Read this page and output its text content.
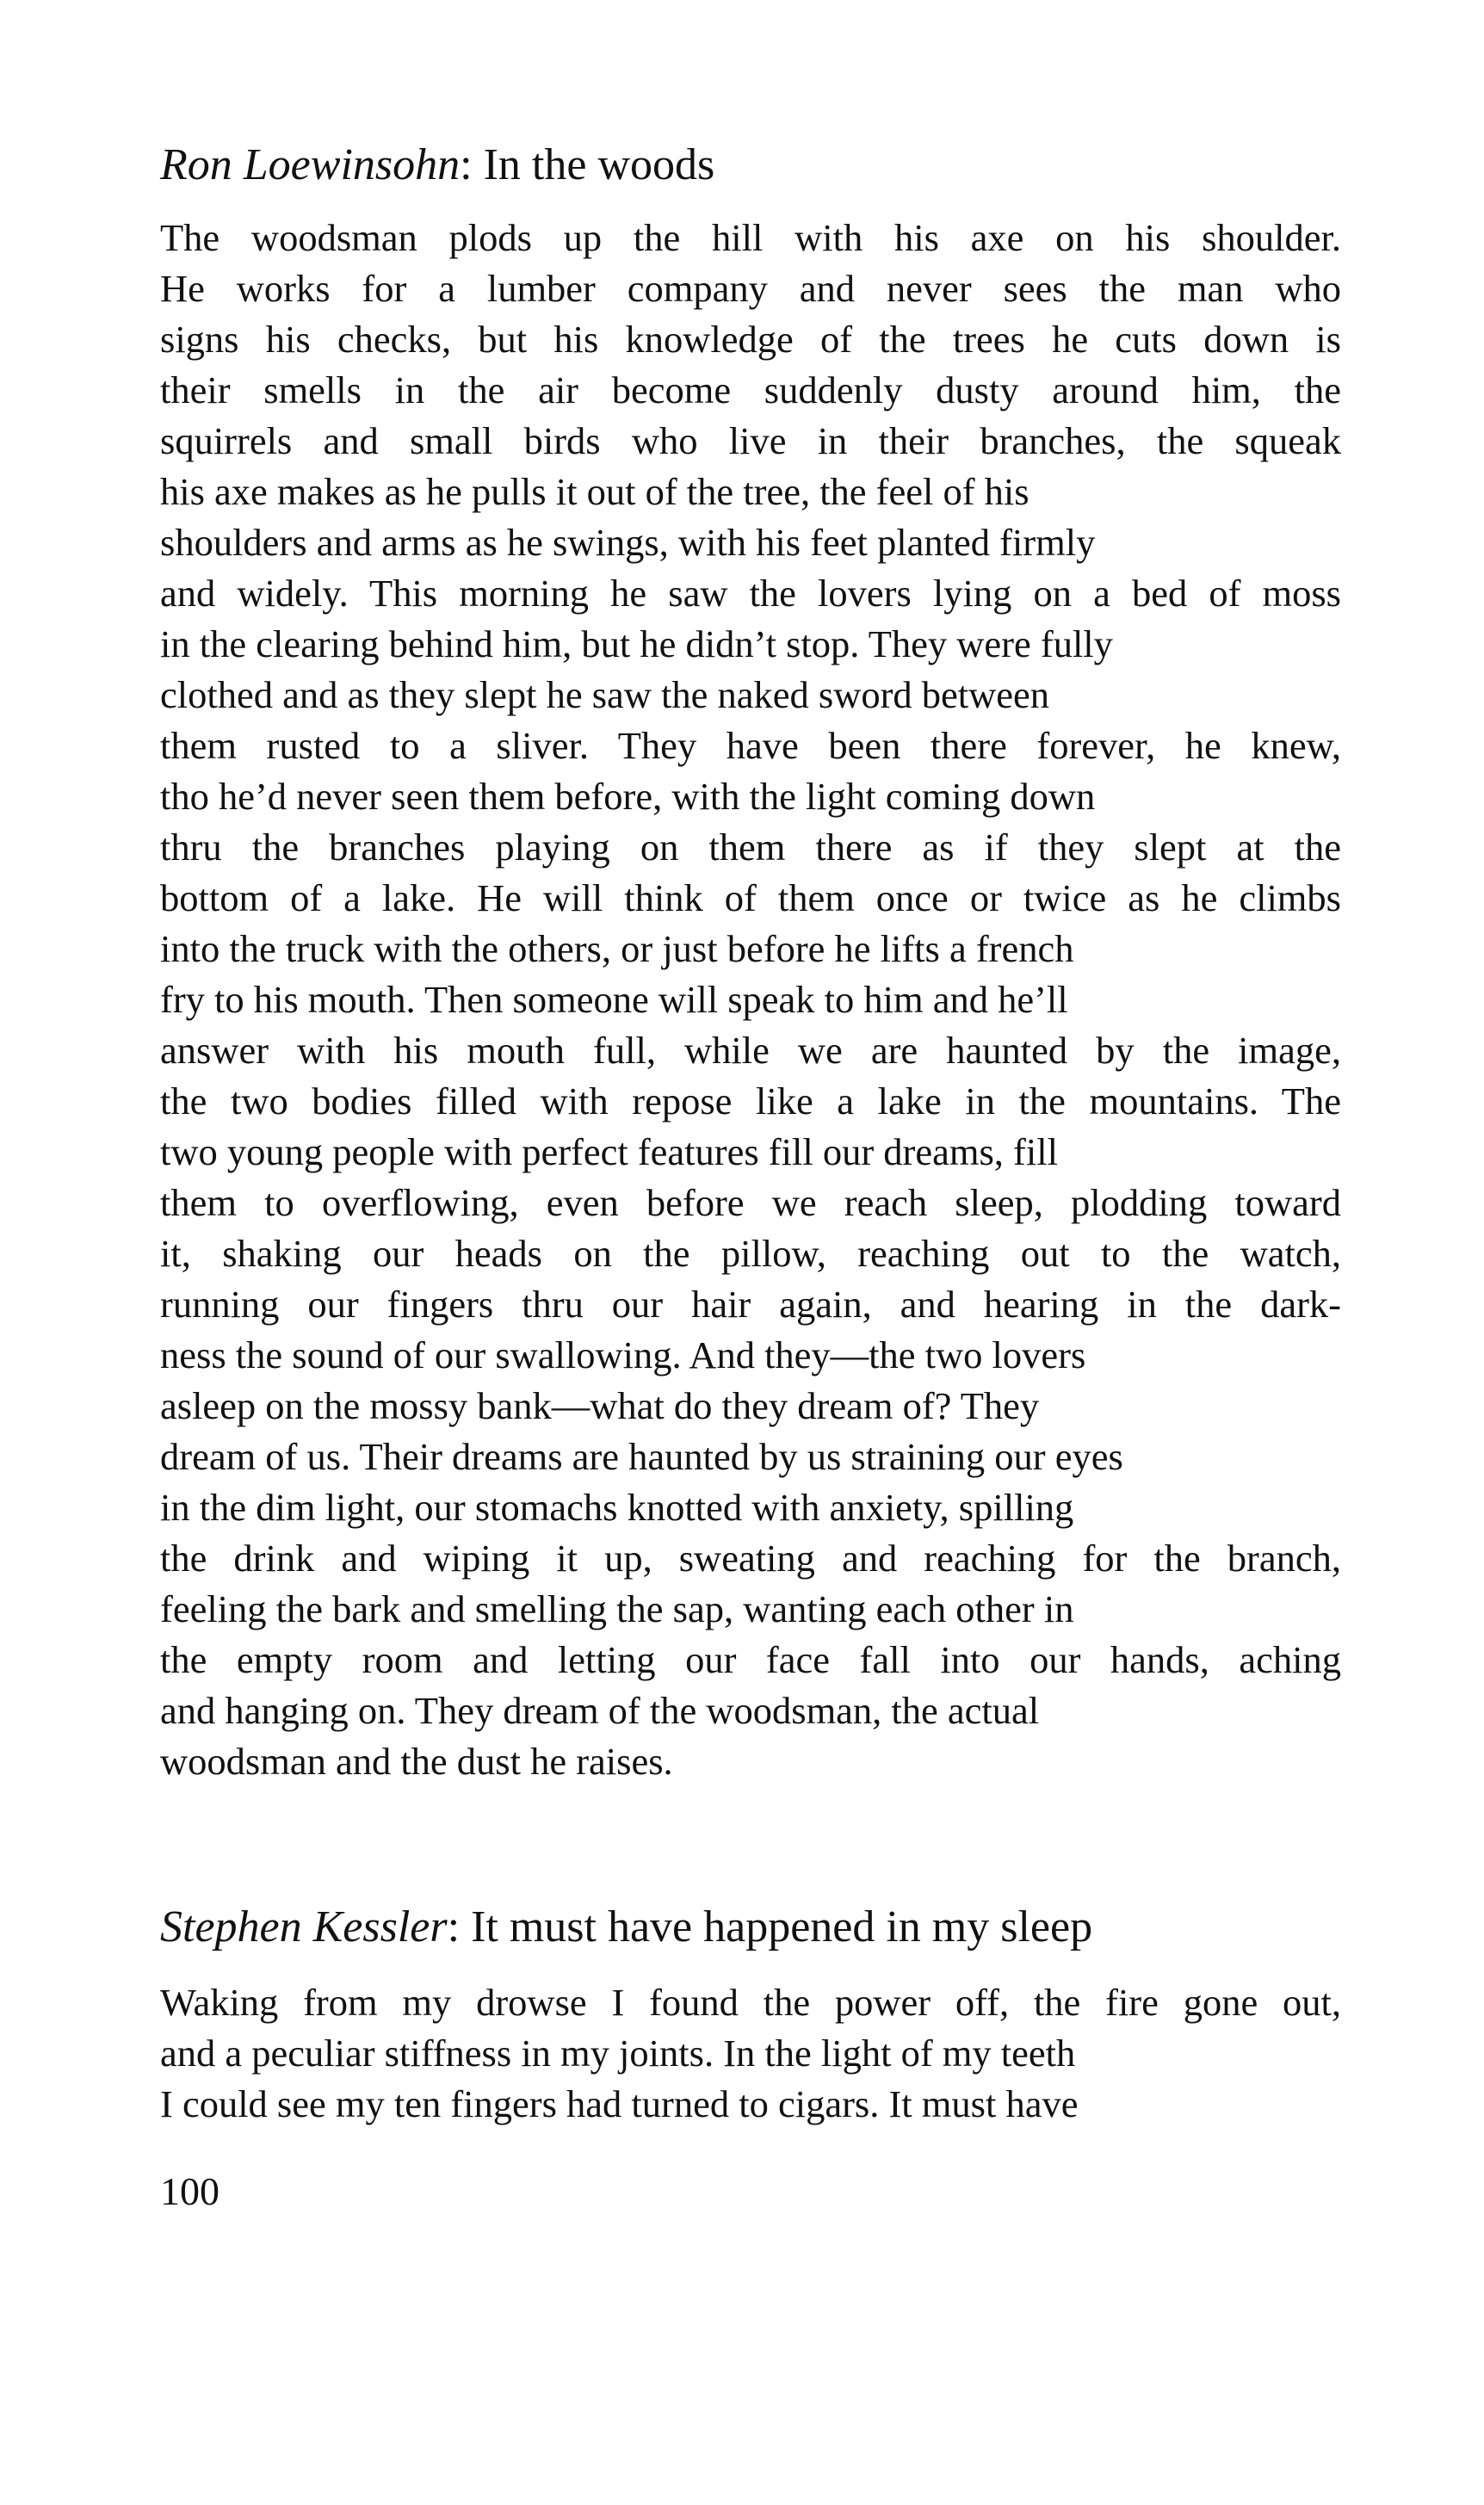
Ron Loewinsohn: In the woods

The woodsman plods up the hill with his axe on his shoulder.
He works for a lumber company and never sees the man who
signs his checks, but his knowledge of the trees he cuts down is
their smells in the air become suddenly dusty around him, the
squirrels and small birds who live in their branches, the squeak
his axe makes as he pulls it out of the tree, the feel of his
shoulders and arms as he swings, with his feet planted firmly
and widely. This morning he saw the lovers lying on a bed of moss
in the clearing behind him, but he didn’t stop. They were fully
clothed and as they slept he saw the naked sword between
them rusted to a sliver. They have been there forever, he knew,
tho he’d never seen them before, with the light coming down
thru the branches playing on them there as if they slept at the
bottom of a lake. He will think of them once or twice as he climbs
into the truck with the others, or just before he lifts a french
fry to his mouth. Then someone will speak to him and he’ll
answer with his mouth full, while we are haunted by the image,
the two bodies filled with repose like a lake in the mountains. The
two young people with perfect features fill our dreams, fill
them to overflowing, even before we reach sleep, plodding toward
it, shaking our heads on the pillow, reaching out to the watch,
running our fingers thru our hair again, and hearing in the dark-
ness the sound of our swallowing. And they—the two lovers
asleep on the mossy bank—what do they dream of? They
dream of us. Their dreams are haunted by us straining our eyes
in the dim light, our stomachs knotted with anxiety, spilling
the drink and wiping it up, sweating and reaching for the branch,
feeling the bark and smelling the sap, wanting each other in
the empty room and letting our face fall into our hands, aching
and hanging on. They dream of the woodsman, the actual
woodsman and the dust he raises.

Stephen Kessler: It must have happened in my sleep

Waking from my drowse I found the power off, the fire gone out,
and a peculiar stiffness in my joints. In the light of my teeth
I could see my ten fingers had turned to cigars. It must have

100
